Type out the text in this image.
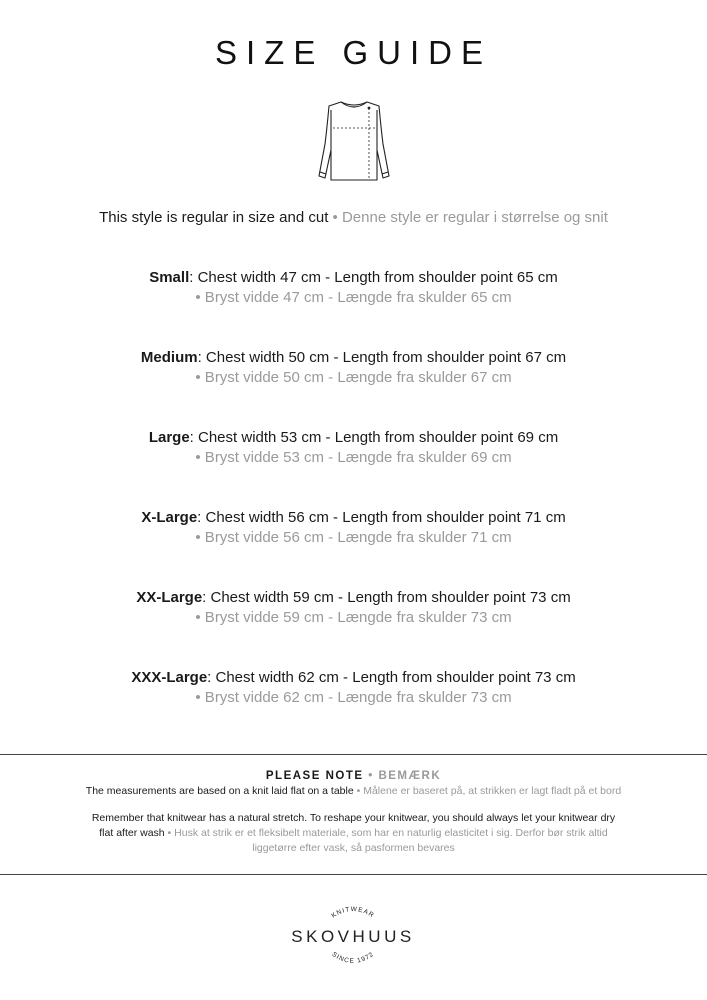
SIZE GUIDE
This style is regular in size and cut • Denne style er regular i størrelse og snit
Small: Chest width 47 cm - Length from shoulder point 65 cm
• Bryst vidde 47 cm - Længde fra skulder 65 cm
Medium: Chest width 50 cm - Length from shoulder point 67 cm
• Bryst vidde 50 cm - Længde fra skulder 67 cm
Large: Chest width 53 cm - Length from shoulder point 69 cm
• Bryst vidde 53 cm - Længde fra skulder 69 cm
X-Large: Chest width 56 cm - Length from shoulder point 71 cm
• Bryst vidde 56 cm - Længde fra skulder 71 cm
XX-Large: Chest width 59 cm - Length from shoulder point 73 cm
• Bryst vidde 59 cm - Længde fra skulder 73 cm
XXX-Large: Chest width 62 cm - Length from shoulder point 73 cm
• Bryst vidde 62 cm - Længde fra skulder 73 cm
PLEASE NOTE • BEMÆRK
The measurements are based on a knit laid flat on a table • Målene er baseret på, at strikken er lagt fladt på et bord
Remember that knitwear has a natural stretch. To reshape your knitwear, you should always let your knitwear dry
flat after wash • Husk at strik er et fleksibelt materiale, som har en naturlig elasticitet i sig. Derfor bør strik altid
liggetørre efter vask, så pasformen bevares
KNITWEAR
SKOVHUUS
SINCE 1972
